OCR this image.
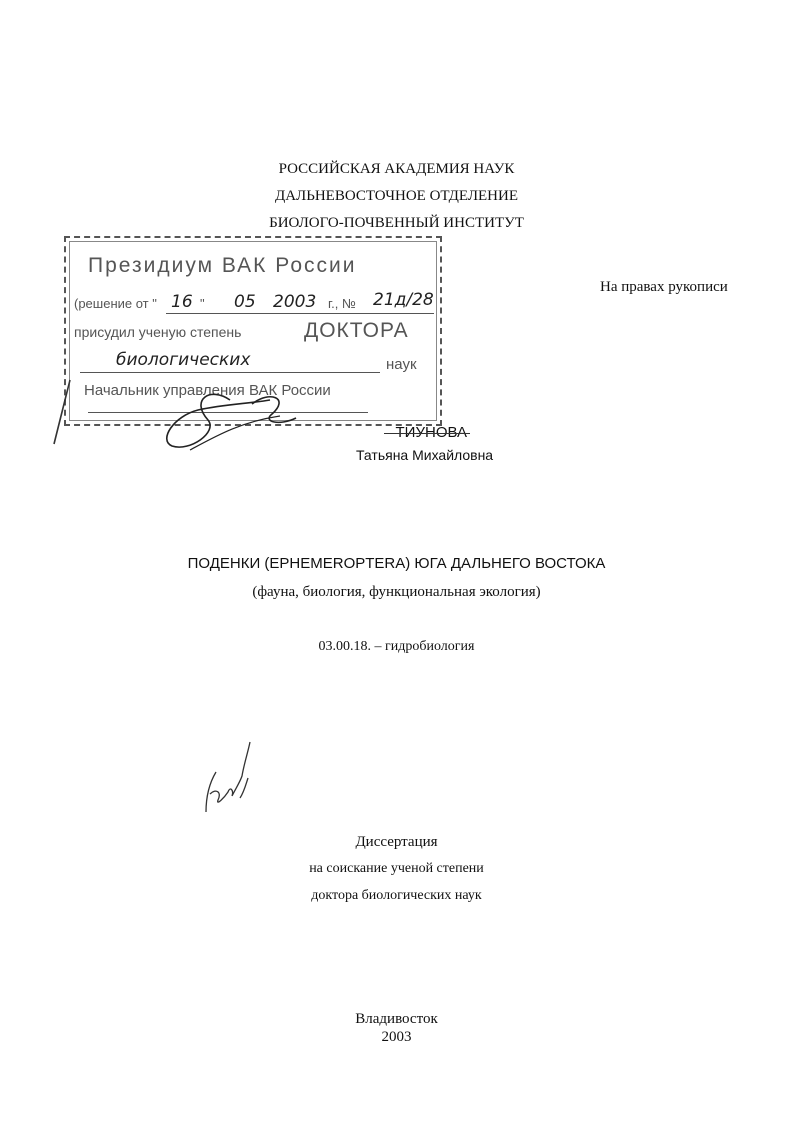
РОССИЙСКАЯ АКАДЕМИЯ НАУК
ДАЛЬНЕВОСТОЧНОЕ ОТДЕЛЕНИЕ
БИОЛОГО-ПОЧВЕННЫЙ ИНСТИТУТ
На правах рукописи
Президиум ВАК России
(решение от " 16 " 05 2003 г., № 21д/28
присудил ученую степень	ДОКТОРА
биологических	наук
Начальник управления ВАК России
ТИУНОВА
Татьяна Михайловна
ПОДЕНКИ (EPHEMEROPTERA) ЮГА ДАЛЬНЕГО ВОСТОКА
(фауна, биология, функциональная экология)
03.00.18. – гидробиология
Диссертация
на соискание ученой степени
доктора биологических наук
Владивосток
2003
